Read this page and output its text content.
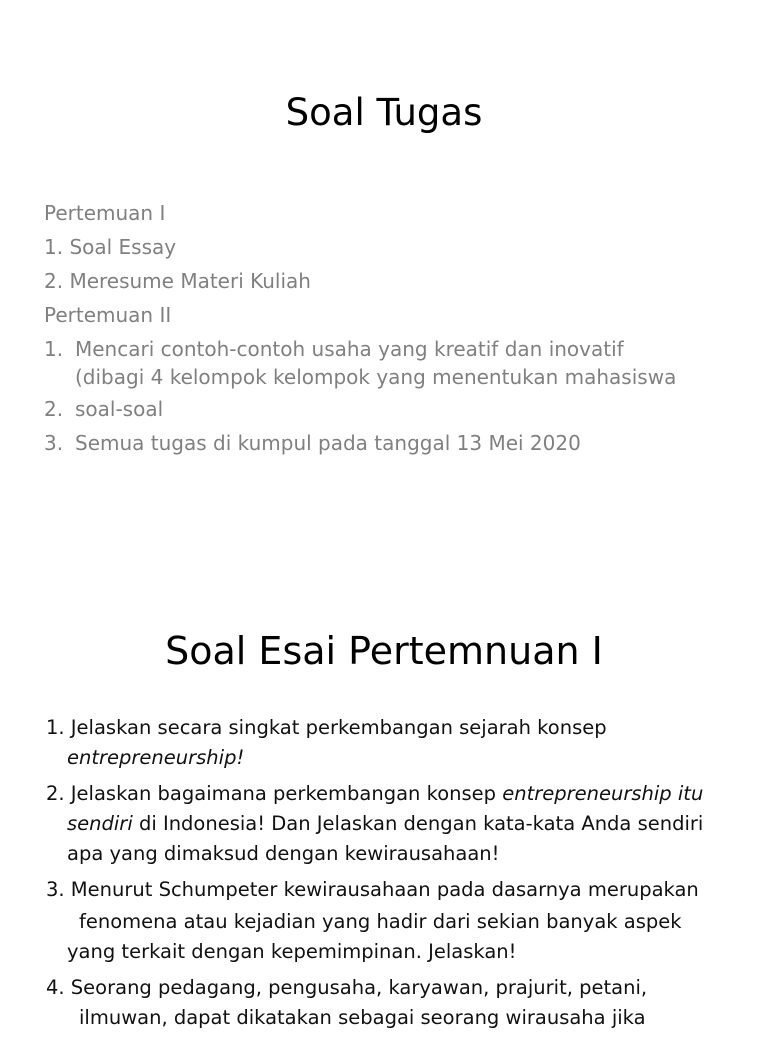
Soal Tugas
Pertemuan I
1. Soal Essay
2. Meresume Materi Kuliah
Pertemuan II
1. Mencari contoh-contoh usaha yang kreatif dan inovatif
(dibagi 4 kelompok kelompok yang menentukan mahasiswa
2. soal-soal
3. Semua tugas di kumpul pada tanggal 13 Mei 2020
Soal Esai Pertemnuan I
1. Jelaskan secara singkat perkembangan sejarah konsep
entrepreneurship!
2. Jelaskan bagaimana perkembangan konsep entrepreneurship itu
sendiri di Indonesia! Dan Jelaskan dengan kata-kata Anda sendiri
apa yang dimaksud dengan kewirausahaan!
3. Menurut Schumpeter kewirausahaan pada dasarnya merupakan
fenomena atau kejadian yang hadir dari sekian banyak aspek
yang terkait dengan kepemimpinan. Jelaskan!
4. Seorang pedagang, pengusaha, karyawan, prajurit, petani,
ilmuwan, dapat dikatakan sebagai seorang wirausaha jika
